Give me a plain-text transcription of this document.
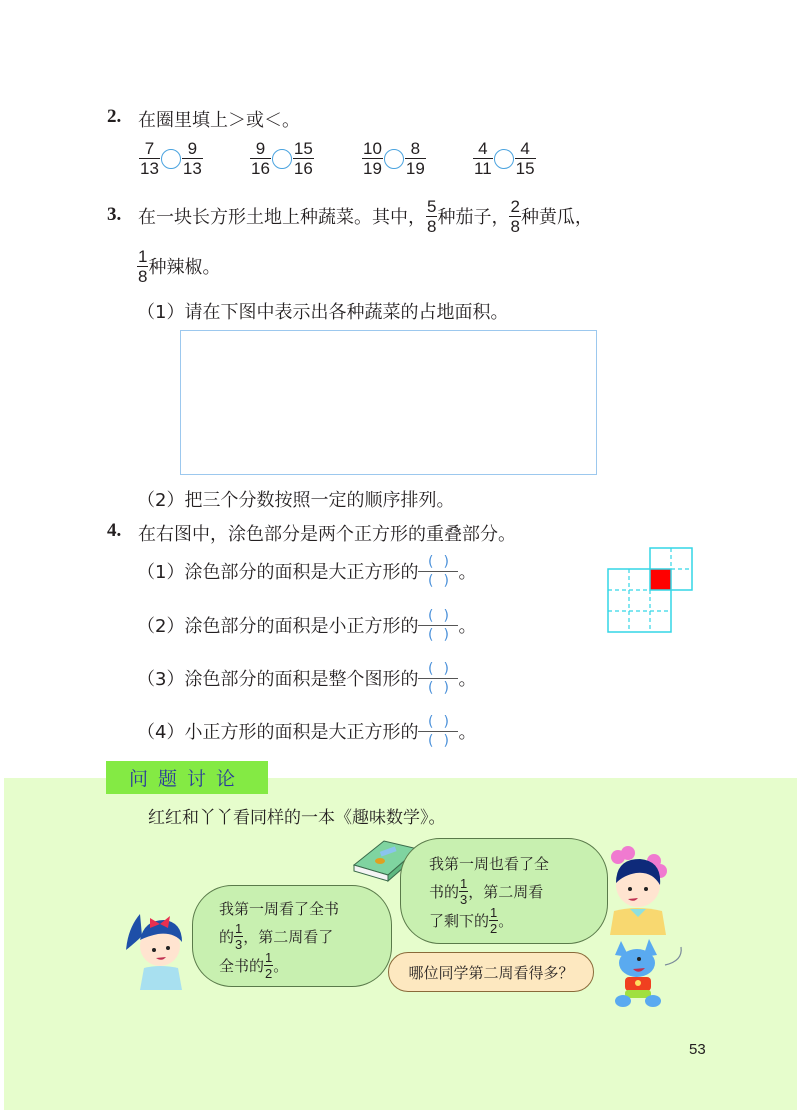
2. 在圈里填上＞或＜。
$\frac{7}{13} \frac{9}{13}$	$\frac{9}{16} \frac{15}{16}$	$\frac{10}{19} \frac{8}{19}$	$\frac{4}{11} \frac{4}{15}$
3. 在一块长方形土地上种蔬菜。其中， $\frac{5}{8}$ 种茄子， $\frac{2}{8}$ 种黄瓜，
$\frac{1}{8}$ 种辣椒。
（1）请在下图中表示出各种蔬菜的占地面积。
（2）把三个分数按照一定的顺序排列。
4. 在右图中，涂色部分是两个正方形的重叠部分。
（1）涂色部分的面积是大正方形的
()
() 。
（2）涂色部分的面积是小正方形的
()
() 。
（3）涂色部分的面积是整个图形的
()
() 。
（4）小正方形的面积是大正方形的
()
() 。
问题讨论
红红和丫丫看同样的一本《趣味数学》。
我第一周看了全书
的 $\frac{1}{3}$ ，第二周看了
全书的 $\frac{1}{2}$ 。
我第一周也看了全
书的 $\frac{1}{3}$ ，第二周看
了剩下的 $\frac{1}{2}$ 。
哪位同学第二周看得多？
53
